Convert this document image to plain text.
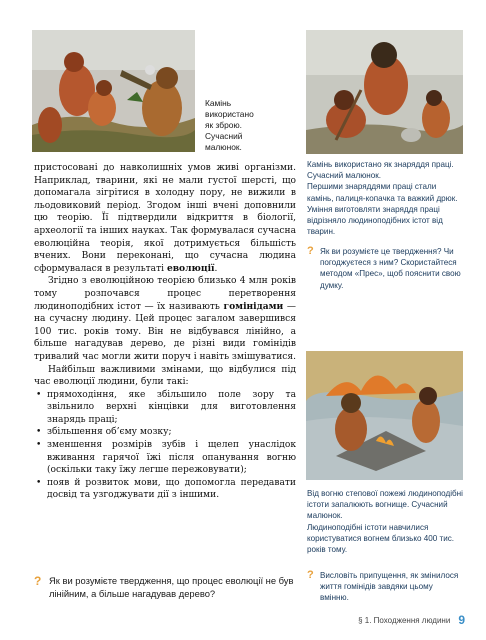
Камінь
використано
як зброю.
Сучасний
малюнок.

Камінь використано як знаряддя праці. Сучасний малюнок.

Першими знаряддями праці стали камінь, палиця-копачка та важкий дрюк. Уміння виготовляти знаряддя праці відрізняло людиноподібних істот від тварин.

? Як ви розумієте це твердження? Чи погоджуєтеся з ним? Скористайтеся методом «Прес», щоб пояснити свою думку.

пристосовані до навколишніх умов живі організми. Наприклад, тварини, які не мали густої шерсті, що допомагала зігрітися в холодну пору, не вижили в льодовиковий період. Згодом інші вчені доповнили цю теорію. Її підтвердили відкриття в біології, археології та інших науках. Так формувалася сучасна еволюційна теорія, якої дотримується більшість вчених. Вони переконані, що сучасна людина сформувалася в результаті еволюції.

Згідно з еволюційною теорією близько 4 млн років тому розпочався процес перетворення людиноподібних істот — їх називають гомінідами — на сучасну людину. Цей процес загалом завершився 100 тис. років тому. Він не відбувався лінійно, а більше нагадував дерево, де різні види гомінідів тривалий час могли жити поруч і навіть змішуватися.

Найбільш важливими змінами, що відбулися під час еволюції людини, були такі:

• прямоходіння, яке збільшило поле зору та звільнило верхні кінцівки для виготовлення знарядь праці;
• збільшення об’єму мозку;
• зменшення розмірів зубів і щелеп унаслідок вживання гарячої їжі після опанування вогню (оскільки таку їжу легше пережовувати);
• появ й розвиток мови, що допомогла передавати досвід та узгоджувати дії з іншими.
? Як ви розумієте твердження, що процес еволюції не був лінійним, а більше нагадував дерево?
Від вогню степової пожежі людиноподібні істоти запалюють вогнище. Сучасний малюнок.
Людиноподібні істоти навчилися користуватися вогнем близько 400 тис. років тому.
? Висловіть припущення, як змінилося життя гомінідів завдяки цьому вмінню.
§ 1. Походження людини 9
